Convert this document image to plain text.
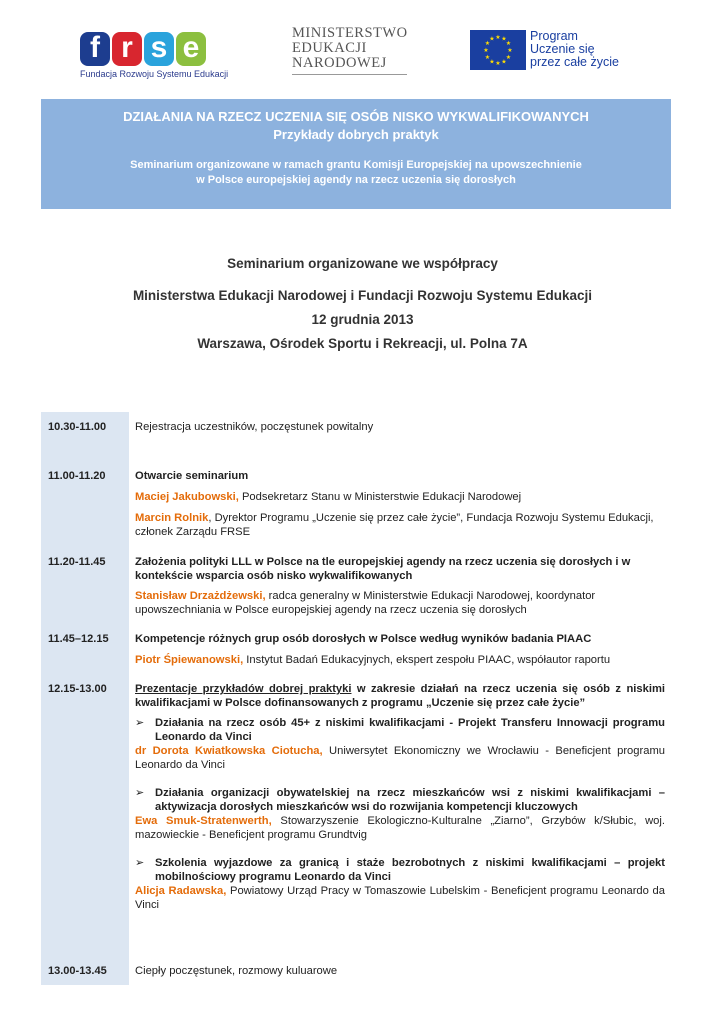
f r s e
Fundacja Rozwoju Systemu Edukacji
MINISTERSTWO
EDUKACJI
NARODOWEJ
★ ★
★
★
★
★
★
★
★
★
★
★	Program
Uczenie się
przez całe życie
DZIAŁANIA NA RZECZ UCZENIA SIĘ OSÓB NISKO WYKWALIFIKOWANYCH
Przykłady dobrych praktyk
Seminarium organizowane w ramach grantu Komisji Europejskiej na upowszechnienie
w Polsce europejskiej agendy na rzecz uczenia się dorosłych
Seminarium organizowane we współpracy
Ministerstwa Edukacji Narodowej i Fundacji Rozwoju Systemu Edukacji
12 grudnia 2013
Warszawa, Ośrodek Sportu i Rekreacji, ul. Polna 7A
10.30-11.00	Rejestracja uczestników, poczęstunek powitalny
11.00-11.20	Otwarcie seminarium

Maciej Jakubowski, Podsekretarz Stanu w Ministerstwie Edukacji Narodowej

Marcin Rolnik, Dyrektor Programu „Uczenie się przez całe życie”, Fundacja Rozwoju Systemu Edukacji, członek Zarządu FRSE

11.20-11.45	Założenia polityki LLL w Polsce na tle europejskiej agendy na rzecz uczenia się dorosłych i w kontekście wsparcia osób nisko wykwalifikowanych

Stanisław Drzażdżewski, radca generalny w Ministerstwie Edukacji Narodowej, koordynator upowszechniania w Polsce europejskiej agendy na rzecz uczenia się dorosłych

11.45–12.15	Kompetencje różnych grup osób dorosłych w Polsce według wyników badania PIAAC

Piotr Śpiewanowski, Instytut Badań Edukacyjnych, ekspert zespołu PIAAC, współautor raportu

12.15-13.00	Prezentacje przykładów dobrej praktyki w zakresie działań na rzecz uczenia się osób z niskimi kwalifikacjami w Polsce dofinansowanych z programu „Uczenie się przez całe życie”

➢ Działania na rzecz osób 45+ z niskimi kwalifikacjami - Projekt Transferu Innowacji programu Leonardo da Vinci

dr Dorota Kwiatkowska Ciotucha, Uniwersytet Ekonomiczny we Wrocławiu - Beneficjent programu Leonardo da Vinci

➢ Działania organizacji obywatelskiej na rzecz mieszkańców wsi z niskimi kwalifikacjami – aktywizacja dorosłych mieszkańców wsi do rozwijania kompetencji kluczowych

Ewa Smuk-Stratenwerth, Stowarzyszenie Ekologiczno-Kulturalne „Ziarno”, Grzybów k/Słubic, woj. mazowieckie - Beneficjent programu Grundtvig

➢ Szkolenia wyjazdowe za granicą i staże bezrobotnych z niskimi kwalifikacjami – projekt mobilnościowy programu Leonardo da Vinci

Alicja Radawska, Powiatowy Urząd Pracy w Tomaszowie Lubelskim - Beneficjent programu Leonardo da Vinci

13.00-13.45	Ciepły poczęstunek, rozmowy kuluarowe
